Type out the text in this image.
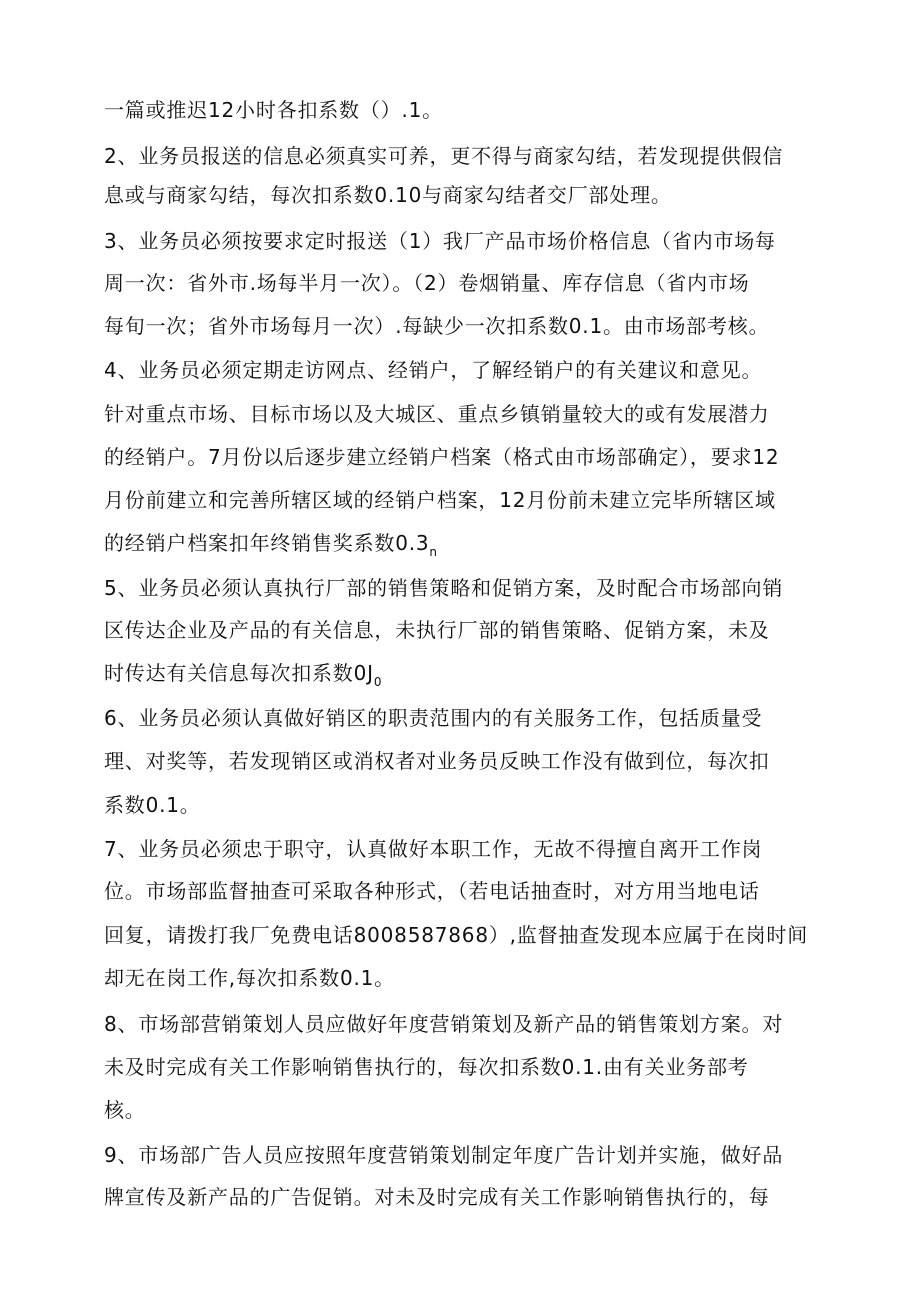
一篇或推迟12小时各扣系数（）.1。
2、业务员报送的信息必须真实可养，更不得与商家勾结，若发现提供假信
息或与商家勾结，每次扣系数0.10与商家勾结者交厂部处理。
3、业务员必须按要求定时报送（1）我厂产品市场价格信息（省内市场每
周一次：省外市.场每半月一次）。（2）卷烟销量、库存信息（省内市场
每旬一次；省外市场每月一次）.每缺少一次扣系数0.1。由市场部考核。
4、业务员必须定期走访网点、经销户，了解经销户的有关建议和意见。
针对重点市场、目标市场以及大城区、重点乡镇销量较大的或有发展潜力
的经销户。7月份以后逐步建立经销户档案（格式由市场部确定），要求12
月份前建立和完善所辖区域的经销户档案，12月份前未建立完毕所辖区域
的经销户档案扣年终销售奖系数$0.3_n$
5、业务员必须认真执行厂部的销售策略和促销方案，及时配合市场部向销
区传达企业及产品的有关信息，未执行厂部的销售策略、促销方案，未及
时传达有关信息每次扣系数$0J_0$
6、业务员必须认真做好销区的职责范围内的有关服务工作，包括质量受
理、对奖等，若发现销区或消权者对业务员反映工作没有做到位，每次扣
系数0.1。
7、业务员必须忠于职守，认真做好本职工作，无故不得擅自离开工作岗
位。市场部监督抽查可采取各种形式，（若电话抽查时，对方用当地电话
回复，请拨打我厂免费电话8008587868）,监督抽查发现本应属于在岗时间
却无在岗工作,每次扣系数0.1。
8、市场部营销策划人员应做好年度营销策划及新产品的销售策划方案。对
未及时完成有关工作影响销售执行的，每次扣系数0.1.由有关业务部考
核。
9、市场部广告人员应按照年度营销策划制定年度广告计划并实施，做好品
牌宣传及新产品的广告促销。对未及时完成有关工作影响销售执行的，每
